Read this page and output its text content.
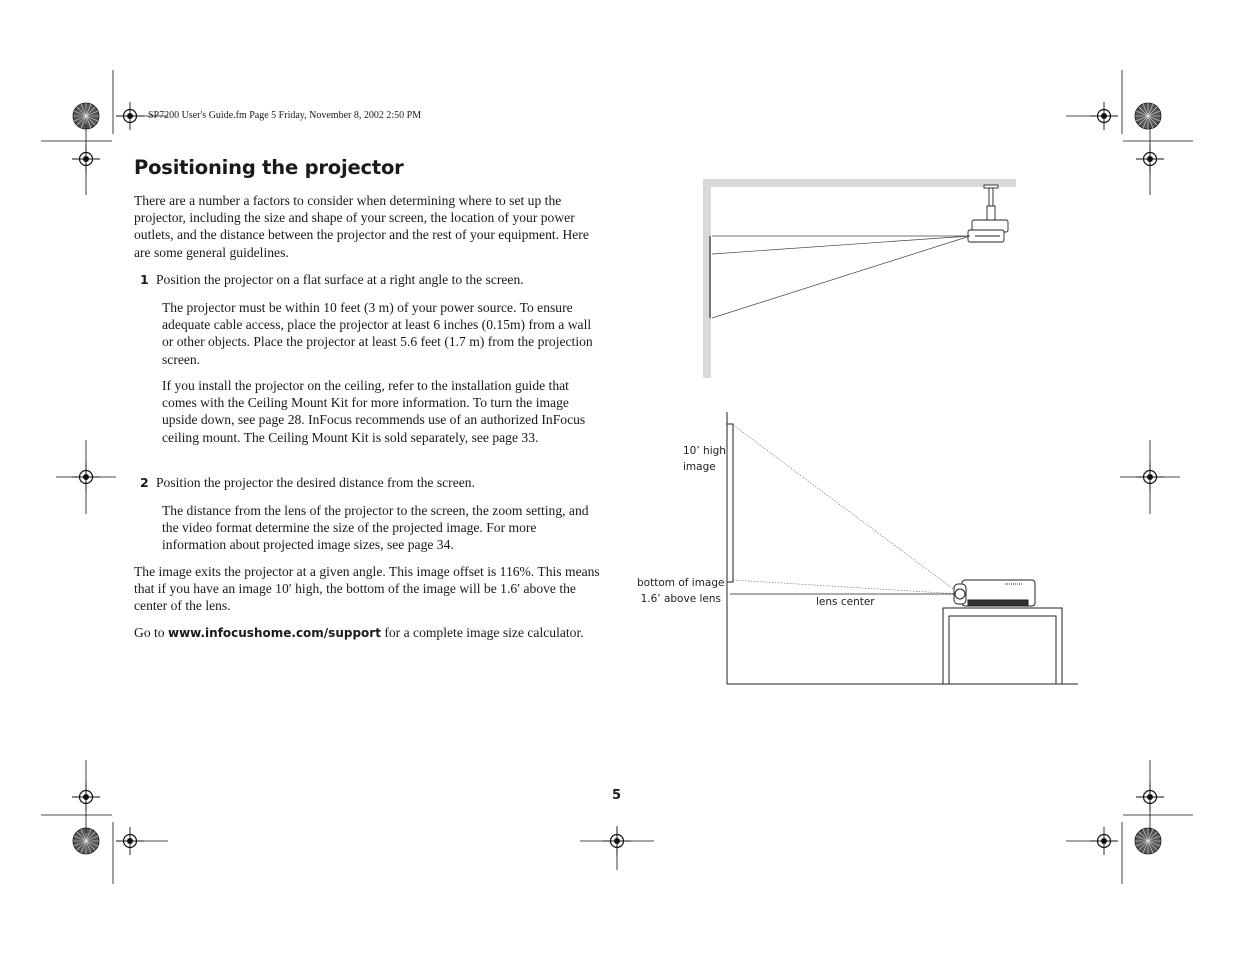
SP7200 User's Guide.fm Page 5 Friday, November 8, 2002 2:50 PM
Positioning the projector
There are a number a factors to consider when determining where to set up the projector, including the size and shape of your screen, the location of your power outlets, and the distance between the projector and the rest of your equipment. Here are some general guidelines.
1 Position the projector on a flat surface at a right angle to the screen.
The projector must be within 10 feet (3 m) of your power source. To ensure adequate cable access, place the projector at least 6 inches (0.15m) from a wall or other objects. Place the projector at least 5.6 feet (1.7 m) from the projection screen.
If you install the projector on the ceiling, refer to the installation guide that comes with the Ceiling Mount Kit for more information. To turn the image upside down, see page 28. InFocus recommends use of an authorized InFocus ceiling mount. The Ceiling Mount Kit is sold separately, see page 33.
2 Position the projector the desired distance from the screen.
The distance from the lens of the projector to the screen, the zoom setting, and the video format determine the size of the projected image. For more information about projected image sizes, see page 34.
The image exits the projector at a given angle. This image offset is 116%. This means that if you have an image 10′ high, the bottom of the image will be 1.6′ above the center of the lens.
Go to www.infocushome.com/support for a complete image size calculator.
10’ high
image
bottom of image
1.6’ above lens	lens center
5
